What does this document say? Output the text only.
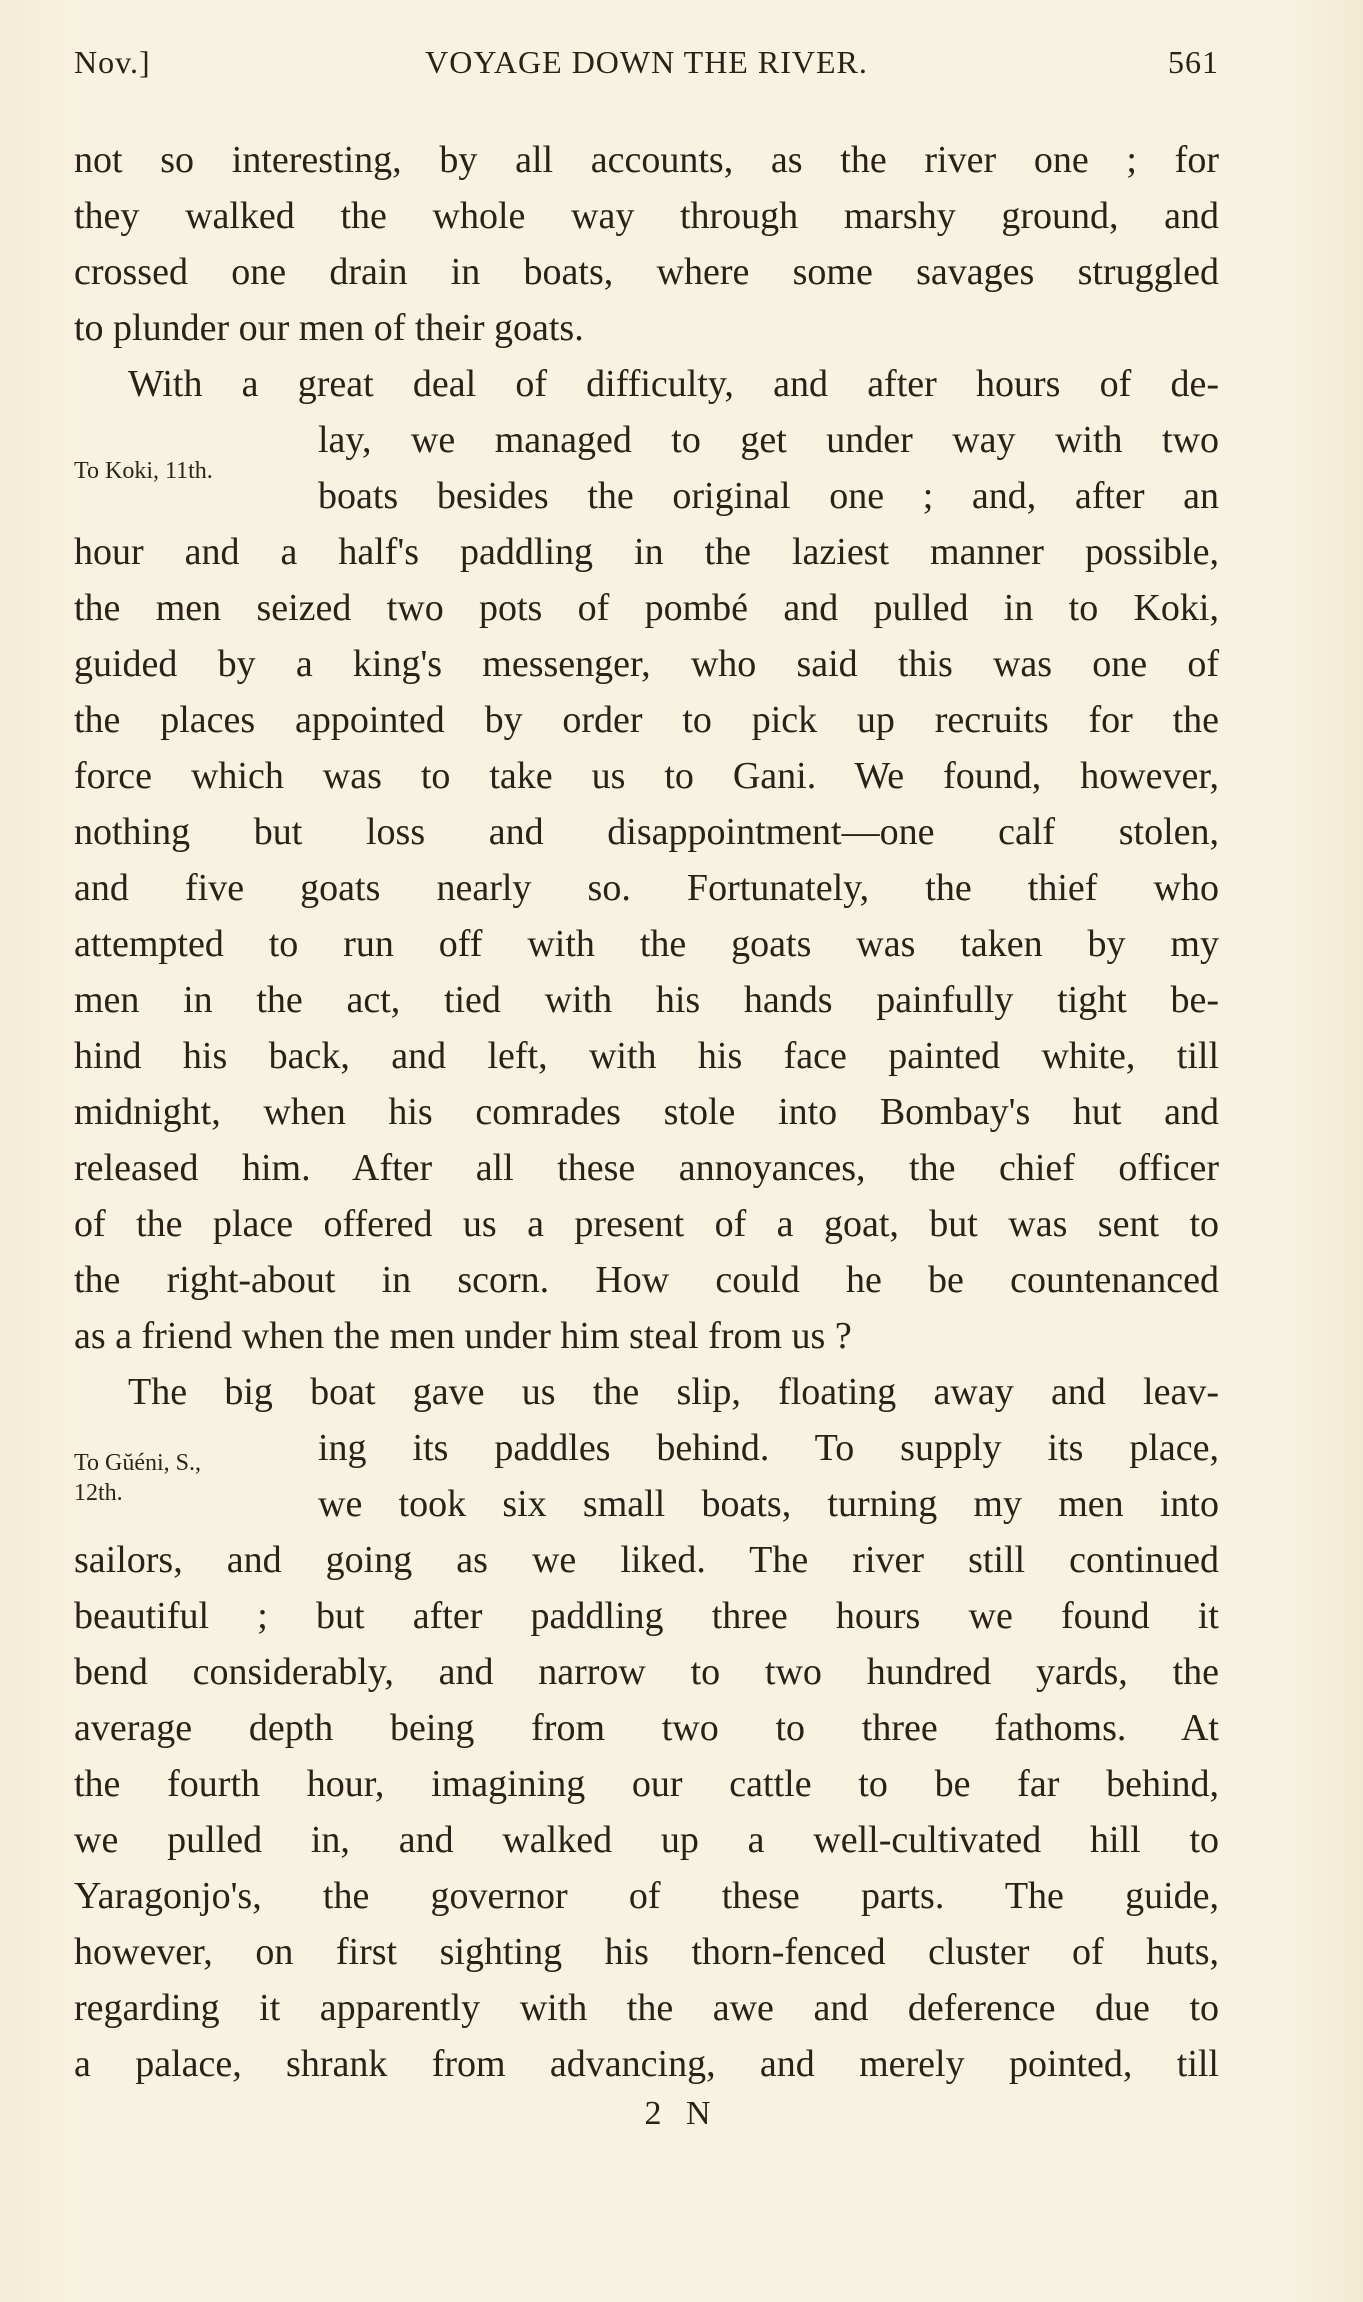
Nov.]	VOYAGE DOWN THE RIVER.	561
not so interesting, by all accounts, as the river one ; for
they walked the whole way through marshy ground, and
crossed one drain in boats, where some savages struggled
to plunder our men of their goats.
With a great deal of difficulty, and after hours of de-
lay, we managed to get under way with two
boats besides the original one ; and, after an
hour and a half's paddling in the laziest manner possible,
the men seized two pots of pombé and pulled in to Koki,
guided by a king's messenger, who said this was one of
the places appointed by order to pick up recruits for the
force which was to take us to Gani. We found, however,
nothing but loss and disappointment—one calf stolen,
and five goats nearly so. Fortunately, the thief who
attempted to run off with the goats was taken by my
men in the act, tied with his hands painfully tight be-
hind his back, and left, with his face painted white, till
midnight, when his comrades stole into Bombay's hut and
released him. After all these annoyances, the chief officer
of the place offered us a present of a goat, but was sent to
the right-about in scorn. How could he be countenanced
as a friend when the men under him steal from us ?
The big boat gave us the slip, floating away and leav-
ing its paddles behind. To supply its place,
we took six small boats, turning my men into
sailors, and going as we liked. The river still continued
beautiful ; but after paddling three hours we found it
bend considerably, and narrow to two hundred yards, the
average depth being from two to three fathoms. At
the fourth hour, imagining our cattle to be far behind,
we pulled in, and walked up a well-cultivated hill to
Yaragonjo's, the governor of these parts. The guide,
however, on first sighting his thorn-fenced cluster of huts,
regarding it apparently with the awe and deference due to
a palace, shrank from advancing, and merely pointed, till
To Koki, 11th.
To Gŭéni, S.,
12th.
2 N
